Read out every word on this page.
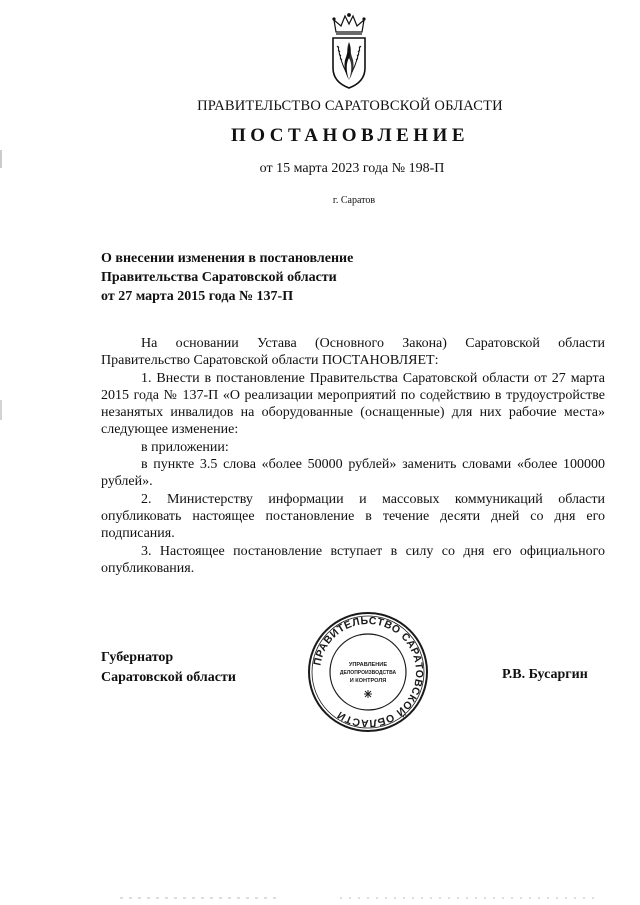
ПРАВИТЕЛЬСТВО САРАТОВСКОЙ ОБЛАСТИ
ПОСТАНОВЛЕНИЕ
от 15 марта 2023 года № 198-П
г. Саратов
О внесении изменения в постановление
Правительства Саратовской области
от 27 марта 2015 года № 137-П

На основании Устава (Основного Закона) Саратовской области Правительство Саратовской области ПОСТАНОВЛЯЕТ:

1. Внести в постановление Правительства Саратовской области от 27 марта 2015 года № 137-П «О реализации мероприятий по содействию в трудоустройстве незанятых инвалидов на оборудованные (оснащенные) для них рабочие места» следующее изменение:

в приложении:

в пункте 3.5 слова «более 50000 рублей» заменить словами «более 100000 рублей».

2. Министерству информации и массовых коммуникаций области опубликовать настоящее постановление в течение десяти дней со дня его подписания.

3. Настоящее постановление вступает в силу со дня его официального опубликования.

Губернатор
Саратовской области	Р.В. Бусаргин
ПРАВИТЕЛЬСТВО САРАТОВСКОЙ ОБЛАСТИ
УПРАВЛЕНИЕ
ДЕЛОПРОИЗВОДСТВА
И КОНТРОЛЯ
